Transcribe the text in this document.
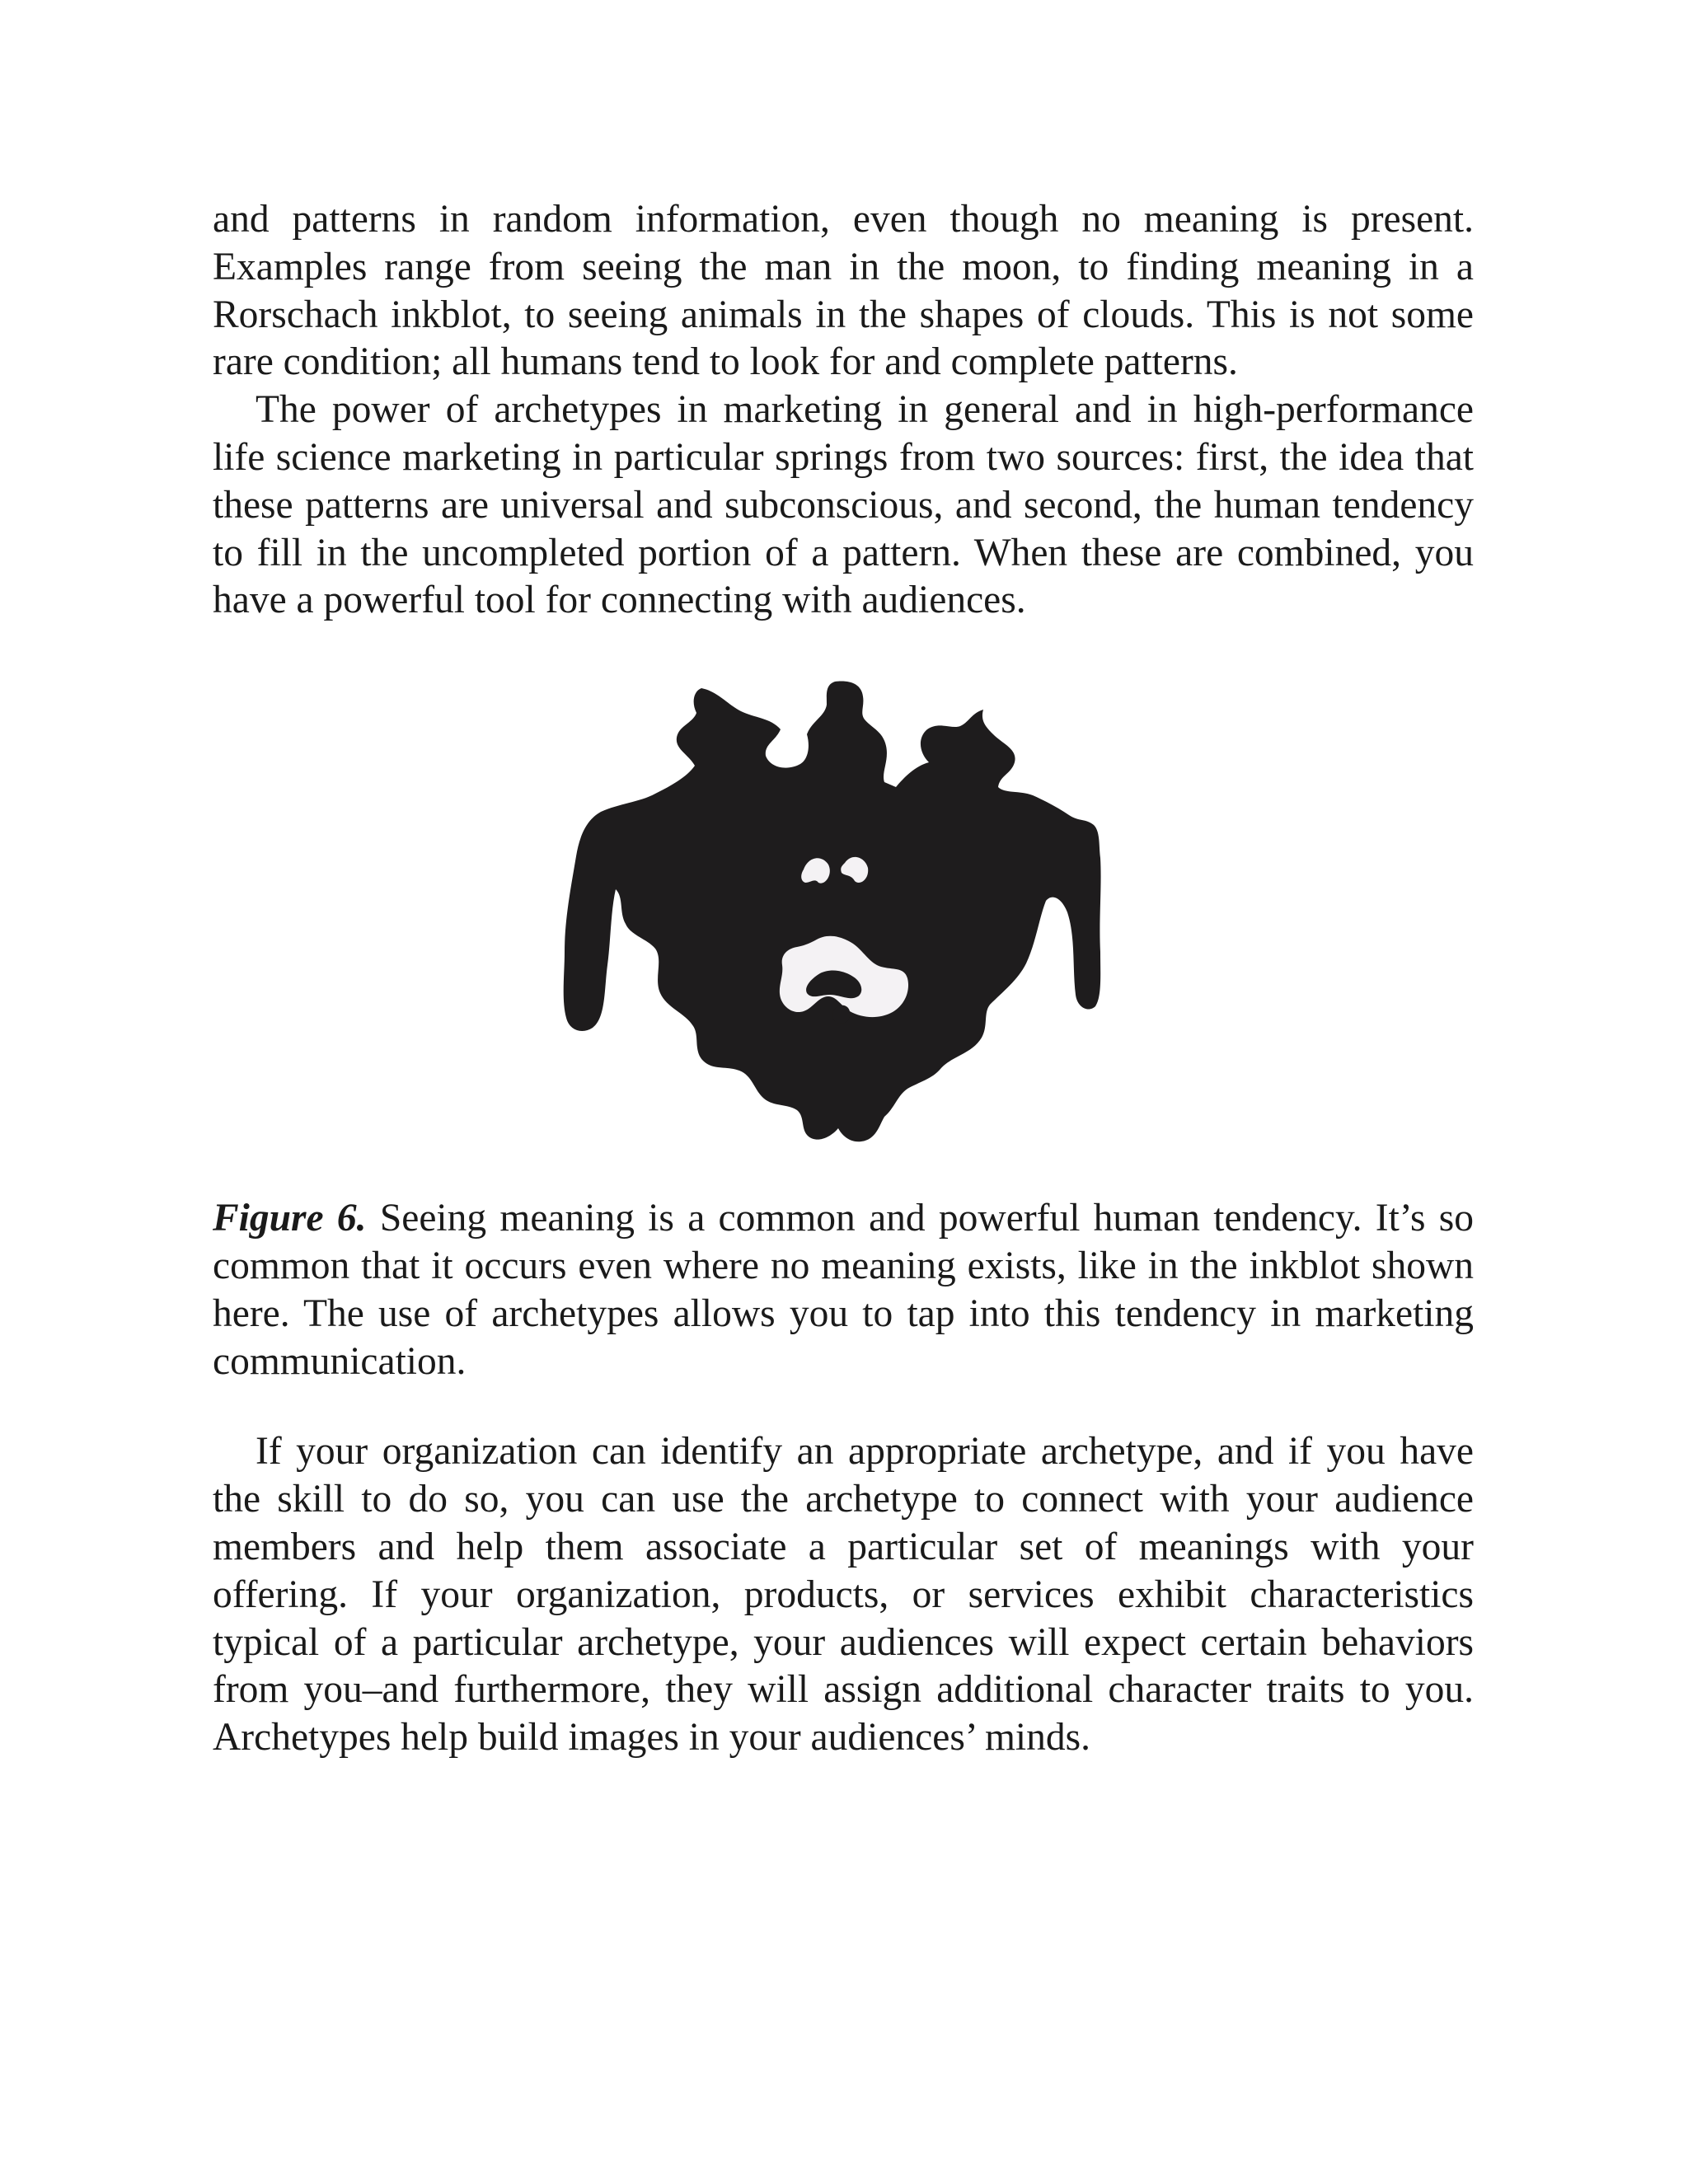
and patterns in random information, even though no meaning is present. Examples range from seeing the man in the moon, to finding meaning in a Rorschach inkblot, to seeing animals in the shapes of clouds. This is not some rare condition; all humans tend to look for and complete patterns.

The power of archetypes in marketing in general and in high-performance life science marketing in particular springs from two sources: first, the idea that these patterns are universal and subconscious, and second, the human tendency to fill in the uncompleted portion of a pattern. When these are combined, you have a powerful tool for connecting with audiences.

Figure 6. Seeing meaning is a common and powerful human tendency. It’s so common that it occurs even where no meaning exists, like in the inkblot shown here. The use of archetypes allows you to tap into this tendency in marketing communication.

If your organization can identify an appropriate archetype, and if you have the skill to do so, you can use the archetype to connect with your audience members and help them associate a particular set of meanings with your offering. If your organization, products, or services exhibit characteristics typical of a particular archetype, your audiences will expect certain behaviors from you–and furthermore, they will assign additional character traits to you. Archetypes help build images in your audiences’ minds.
